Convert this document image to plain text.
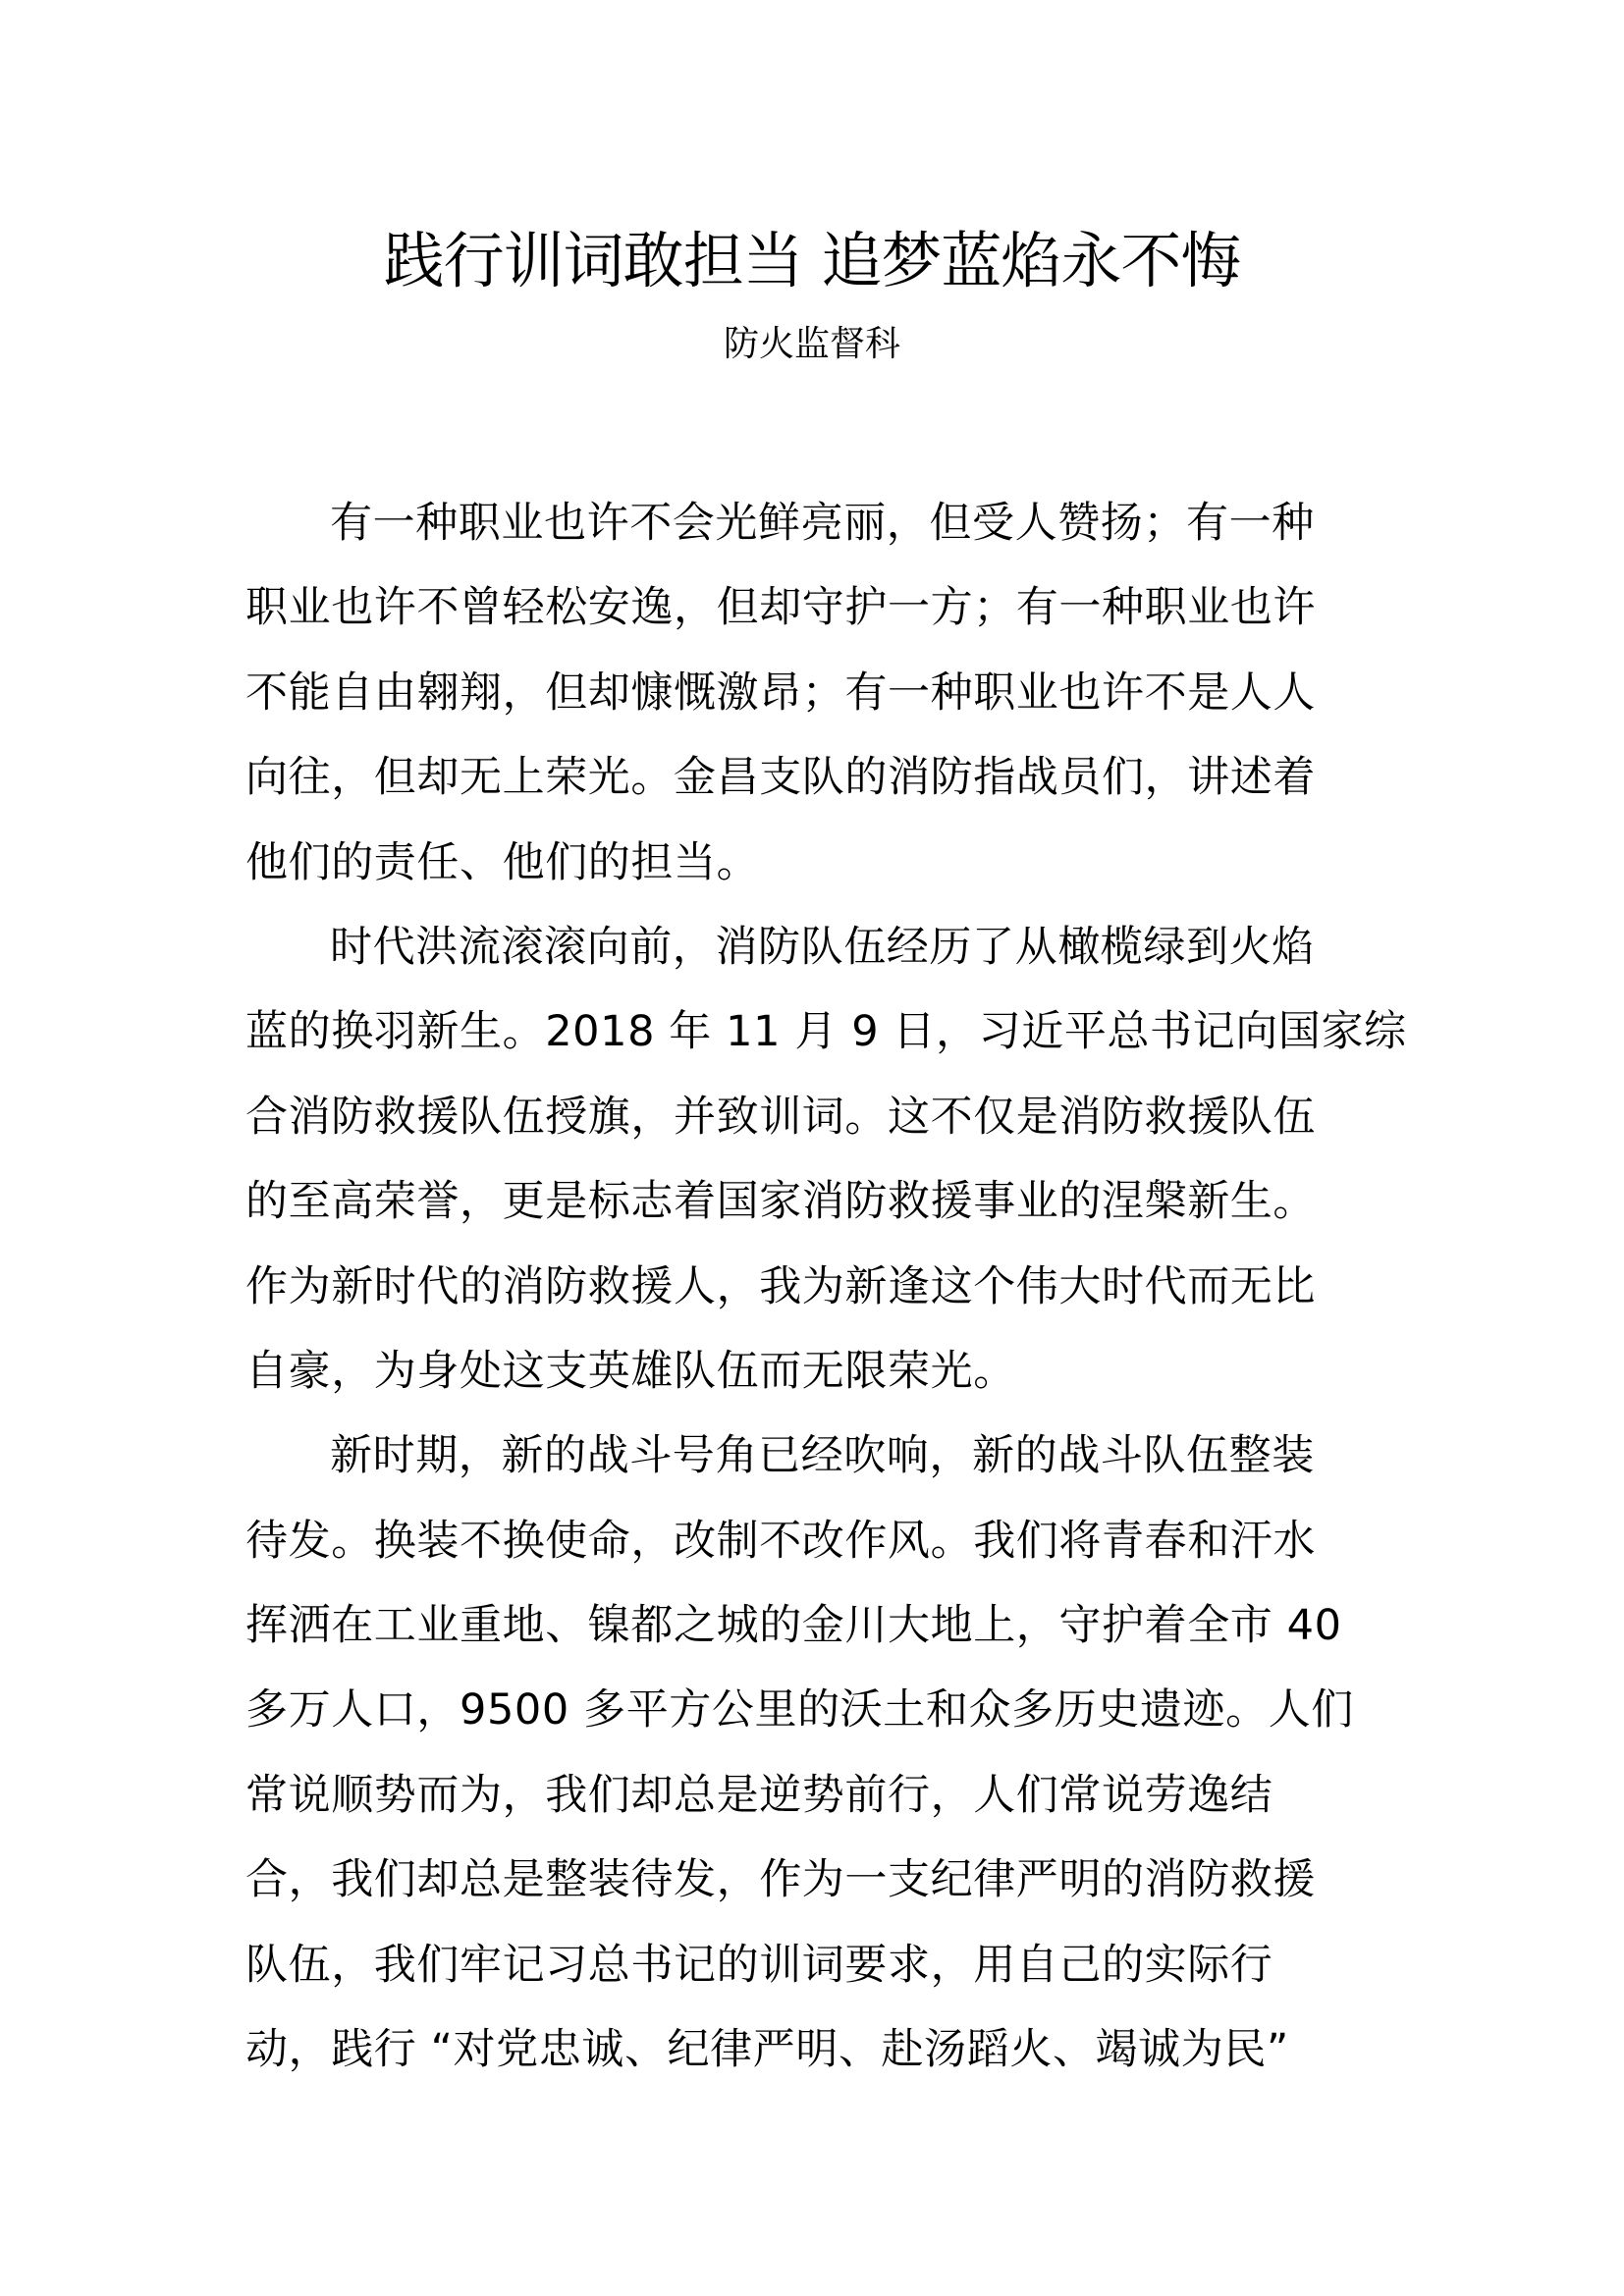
践行训词敢担当 追梦蓝焰永不悔
防火监督科
有一种职业也许不会光鲜亮丽，但受人赞扬；有一种
职业也许不曾轻松安逸，但却守护一方；有一种职业也许
不能自由翱翔，但却慷慨激昂；有一种职业也许不是人人
向往，但却无上荣光。金昌支队的消防指战员们，讲述着
他们的责任、他们的担当。
时代洪流滚滚向前，消防队伍经历了从橄榄绿到火焰
蓝的换羽新生。2018 年 11 月 9 日，习近平总书记向国家综
合消防救援队伍授旗，并致训词。这不仅是消防救援队伍
的至高荣誉，更是标志着国家消防救援事业的涅槃新生。
作为新时代的消防救援人，我为新逢这个伟大时代而无比
自豪，为身处这支英雄队伍而无限荣光。
新时期，新的战斗号角已经吹响，新的战斗队伍整装
待发。换装不换使命，改制不改作风。我们将青春和汗水
挥洒在工业重地、镍都之城的金川大地上，守护着全市 40
多万人口，9500 多平方公里的沃土和众多历史遗迹。人们
常说顺势而为，我们却总是逆势前行，人们常说劳逸结
合，我们却总是整装待发，作为一支纪律严明的消防救援
队伍，我们牢记习总书记的训词要求，用自己的实际行
动，践行 “对党忠诚、纪律严明、赴汤蹈火、竭诚为民”
